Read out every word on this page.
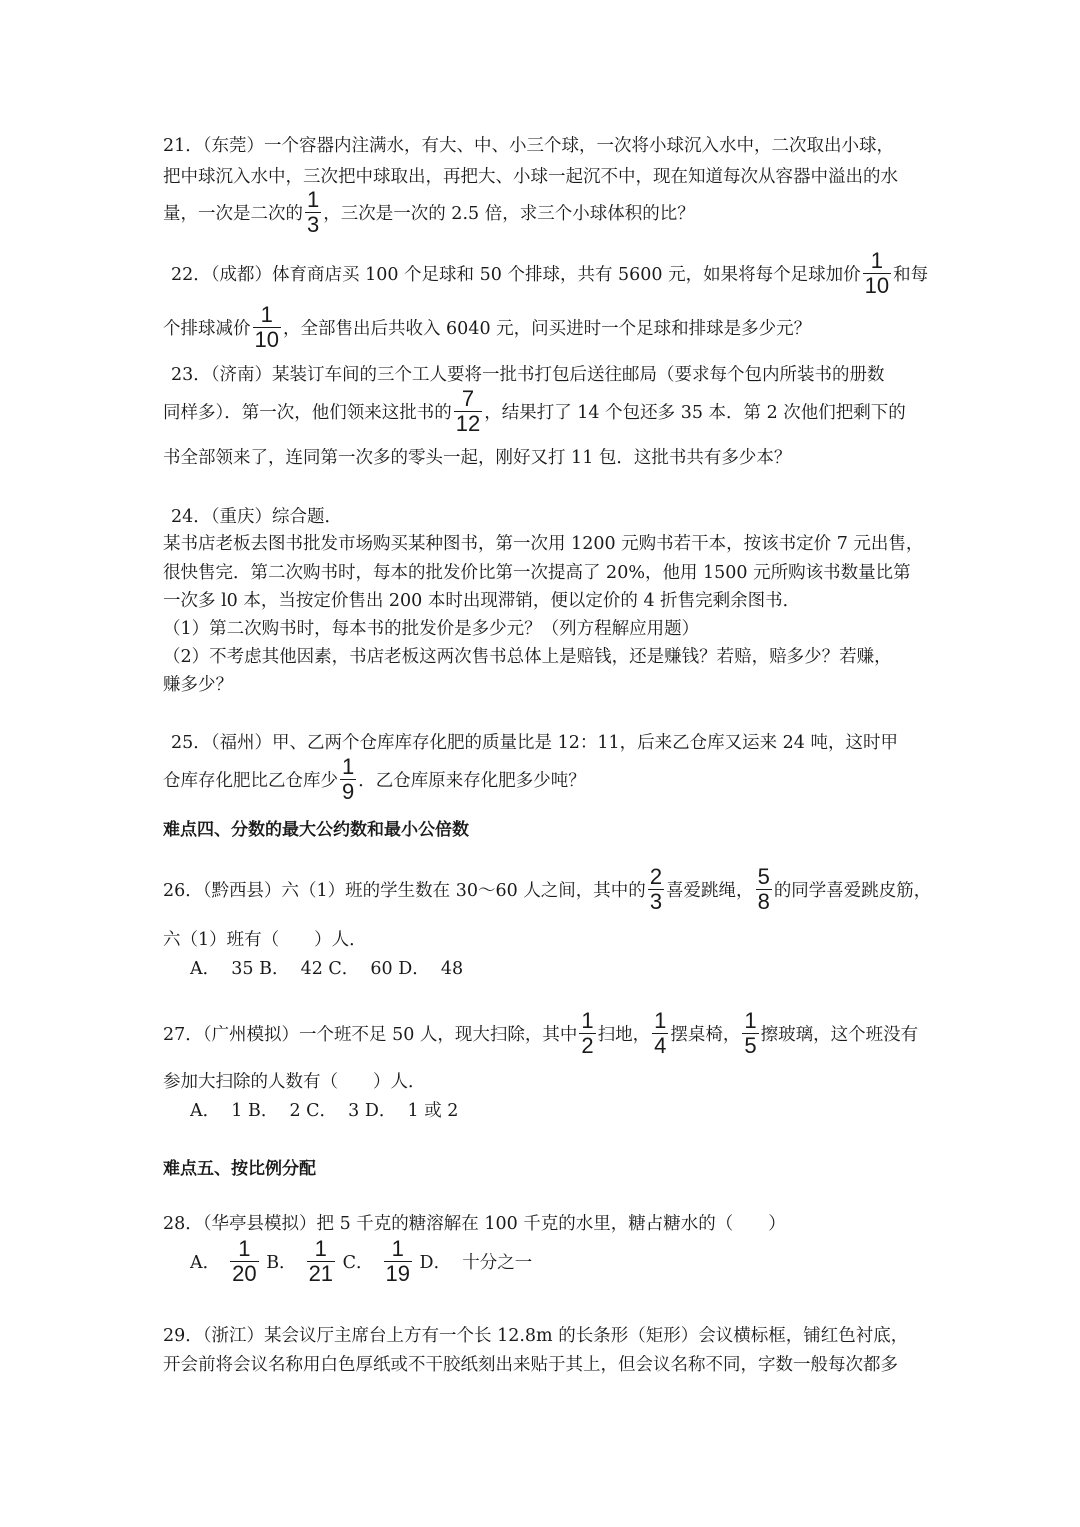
21．（东莞）一个容器内注满水，有大、中、小三个球，一次将小球沉入水中，二次取出小球，
把中球沉入水中，三次把中球取出，再把大、小球一起沉不中，现在知道每次从容器中溢出的水
量，一次是二次的 $\frac{1}{3}$ ，三次是一次的 2.5 倍，求三个小球体积的比？
22．（成都）体育商店买 100 个足球和 50 个排球，共有 5600 元，如果将每个足球加价 $\frac{1}{10}$ 和每
个排球减价 $\frac{1}{10}$ ，全部售出后共收入 6040 元，问买进时一个足球和排球是多少元？
23．（济南）某装订车间的三个工人要将一批书打包后送往邮局（要求每个包内所装书的册数
同样多）．第一次，他们领来这批书的 $\frac{7}{12}$ ，结果打了 14 个包还多 35 本．第 2 次他们把剩下的
书全部领来了，连同第一次多的零头一起，刚好又打 11 包．这批书共有多少本？
24．（重庆）综合题．
某书店老板去图书批发市场购买某种图书，第一次用 1200 元购书若干本，按该书定价 7 元出售，
很快售完．第二次购书时，每本的批发价比第一次提高了 20%，他用 1500 元所购该书数量比第
一次多 l0 本，当按定价售出 200 本时出现滞销，便以定价的 4 折售完剩余图书．
（1）第二次购书时，每本书的批发价是多少元？（列方程解应用题）
（2）不考虑其他因素，书店老板这两次售书总体上是赔钱，还是赚钱？若赔，赔多少？若赚，
赚多少？
25．（福州）甲、乙两个仓库库存化肥的质量比是 12：11，后来乙仓库又运来 24 吨，这时甲
仓库存化肥比乙仓库少 $\frac{1}{9}$ ．乙仓库原来存化肥多少吨？
难点四、分数的最大公约数和最小公倍数
26．（黔西县）六（1）班的学生数在 30～60 人之间，其中的 $\frac{2}{3}$ 喜爱跳绳， $\frac{5}{8}$ 的同学喜爱跳皮筋，
六（1）班有（　　）人．
A．  35 B．  42 C．  60 D．  48
27．（广州模拟）一个班不足 50 人，现大扫除，其中 $\frac{1}{2}$ 扫地， $\frac{1}{4}$ 摆桌椅， $\frac{1}{5}$ 擦玻璃，这个班没有
参加大扫除的人数有（　　）人．
A．  1 B．  2 C．  3 D．  1 或 2
难点五、按比例分配
28．（华亭县模拟）把 5 千克的糖溶解在 100 千克的水里，糖占糖水的（　　）
A． $\frac{1}{20}$ B． $\frac{1}{21}$ C． $\frac{1}{19}$ D．  十分之一
29．（浙江）某会议厅主席台上方有一个长 12.8m 的长条形（矩形）会议横标框，铺红色衬底，
开会前将会议名称用白色厚纸或不干胶纸刻出来贴于其上，但会议名称不同，字数一般每次都多
